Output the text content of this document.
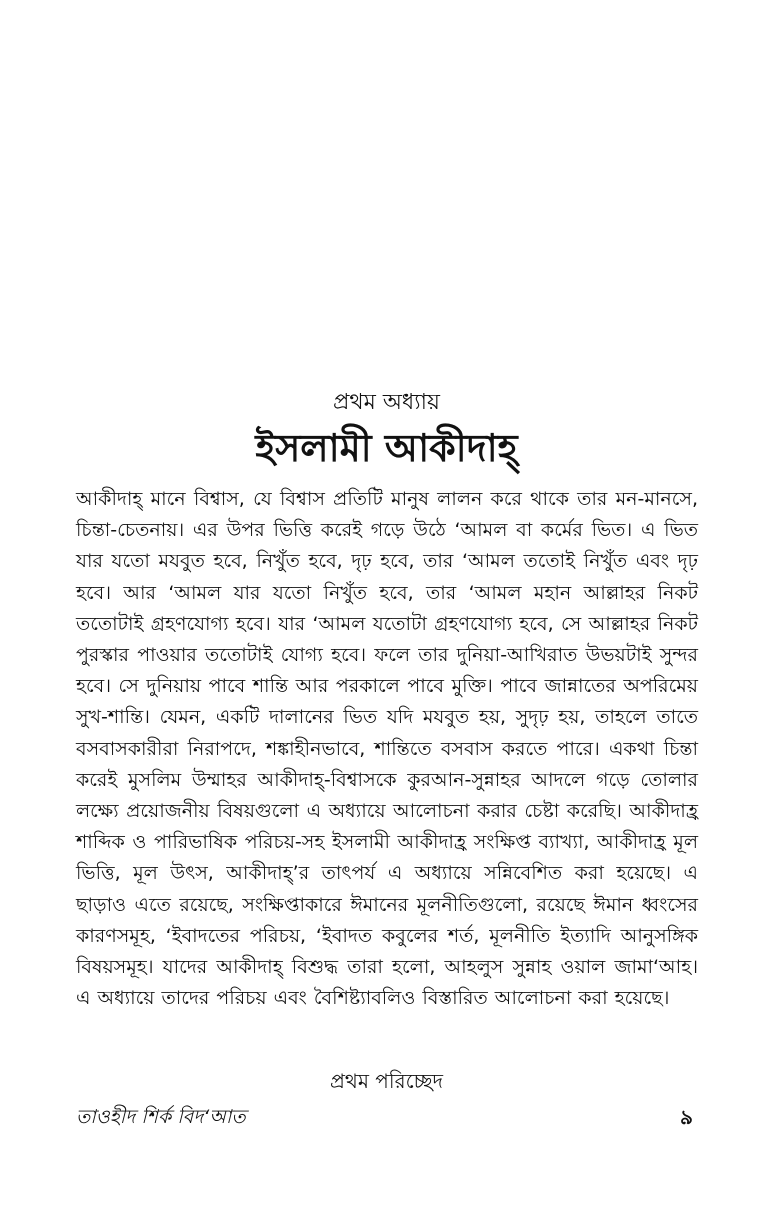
প্রথম অধ্যায়
ইসলামী আকীদাহ্

আকীদাহ্ মানে বিশ্বাস, যে বিশ্বাস প্রতিটি মানুষ লালন করে থাকে তার মন-মানসে, চিন্তা-চেতনায়। এর উপর ভিত্তি করেই গড়ে উঠে ‘আমল বা কর্মের ভিত। এ ভিত যার যতো মযবুত হবে, নিখুঁত হবে, দৃঢ় হবে, তার ‘আমল ততোই নিখুঁত এবং দৃঢ় হবে। আর ‘আমল যার যতো নিখুঁত হবে, তার ‘আমল মহান আল্লাহর নিকট ততোটাই গ্রহণযোগ্য হবে। যার ‘আমল যতোটা গ্রহণযোগ্য হবে, সে আল্লাহর নিকট পুরস্কার পাওয়ার ততোটাই যোগ্য হবে। ফলে তার দুনিয়া-আখিরাত উভয়টাই সুন্দর হবে। সে দুনিয়ায় পাবে শান্তি আর পরকালে পাবে মুক্তি। পাবে জান্নাতের অপরিমেয় সুখ-শান্তি। যেমন, একটি দালানের ভিত যদি মযবুত হয়, সুদৃঢ় হয়, তাহলে তাতে বসবাসকারীরা নিরাপদে, শঙ্কাহীনভাবে, শান্তিতে বসবাস করতে পারে। একথা চিন্তা করেই মুসলিম উম্মাহর আকীদাহ্-বিশ্বাসকে কুরআন-সুন্নাহর আদলে গড়ে তোলার লক্ষ্যে প্রয়োজনীয় বিষয়গুলো এ অধ্যায়ে আলোচনা করার চেষ্টা করেছি। আকীদাহ্র শাব্দিক ও পারিভাষিক পরিচয়-সহ ইসলামী আকীদাহ্র সংক্ষিপ্ত ব্যাখ্যা, আকীদাহ্র মূল ভিত্তি, মূল উৎস, আকীদাহ্’র তাৎপর্য এ অধ্যায়ে সন্নিবেশিত করা হয়েছে। এ ছাড়াও এতে রয়েছে, সংক্ষিপ্তাকারে ঈমানের মূলনীতিগুলো, রয়েছে ঈমান ধ্বংসের কারণসমূহ, ‘ইবাদতের পরিচয়, ‘ইবাদত কবুলের শর্ত, মূলনীতি ইত্যাদি আনুসঙ্গিক বিষয়সমূহ। যাদের আকীদাহ্ বিশুদ্ধ তারা হলো, আহলুস সুন্নাহ ওয়াল জামা‘আহ। এ অধ্যায়ে তাদের পরিচয় এবং বৈশিষ্ট্যাবলিও বিস্তারিত আলোচনা করা হয়েছে।

প্রথম পরিচ্ছেদ
তাওহীদ শির্ক বিদ‘আত	৯
